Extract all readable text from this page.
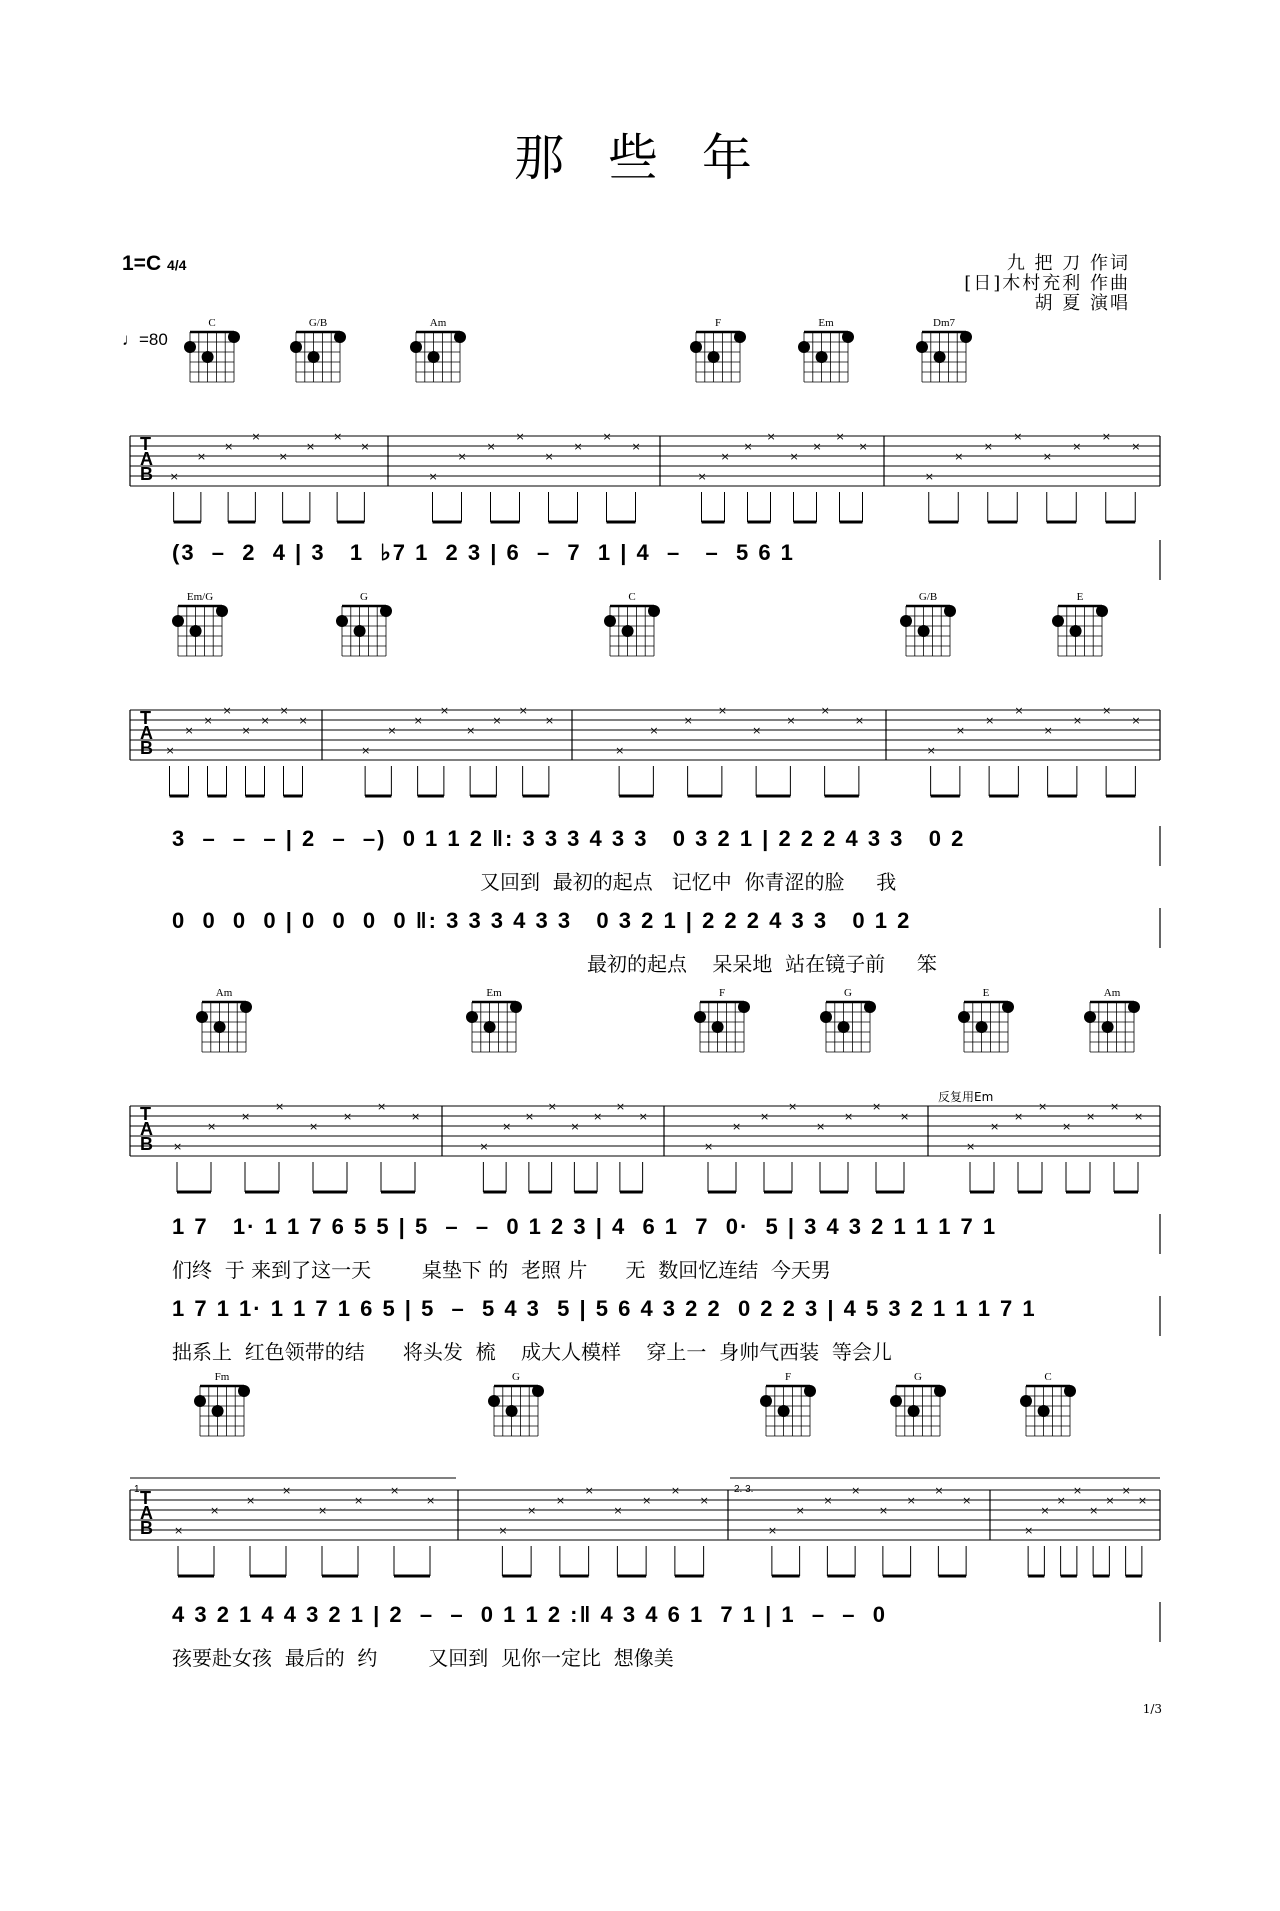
那 些 年
1=C 4/4	九 把 刀 作词
[日]木村充利 作曲
胡 夏 演唱
♩=80
T
A
B ×
×
×
×
×
×
×
×
×
×
×
×
×
×
×
×
×
×
×
×
×
×
×
×
×
×
×
×
×
×
×
×
C	G/B	Am	F	Em	Dm7
T
A
B ×
×
×
×
×
×
×
×
×
×
×
×
×
×
×
×
×
×
×
×
×
×
×
×
×
×
×
×
×
×
×
×
Em/G	G	C	G/B	E
T
A
B ×
×
×
×
×
×
×
×
×
×
×
×
×
×
×
×
×
×
×
×
×
×
×
×
×
×
×
×
×
×
×
×
Am	Em	F	G	E	Am
T
A
B ×
×
×
×
×
×
×
×
×
×
×
×
×
×
×
×
×
×
×
×
×
×
×
×
×
×
×
×
×
×
×
×
Fm	G	F	G	C
1.	2. 3.
(3  –  2  4 | 3   1  ♭7 1  2 3 | 6  –  7  1 | 4  –   –  5 6 1
3  –  –  – | 2  –  –)  0 1 1 2 ‖: 3 3 3 4 3 3   0 3 2 1 | 2 2 2 4 3 3   0 2
又回到  最初的起点   记忆中  你青涩的脸     我
0  0  0  0 | 0  0  0  0 ‖: 3 3 3 4 3 3   0 3 2 1 | 2 2 2 4 3 3   0 1 2
最初的起点    呆呆地  站在镜子前     笨
反复用Em
1 7   1· 1 1 7 6 5 5 | 5  –  –  0 1 2 3 | 4  6 1  7  0·  5 | 3 4 3 2 1 1 1 7 1
们终  于 来到了这一天        桌垫下 的  老照 片      无  数回忆连结  今天男
1 7 1 1· 1 1 7 1 6 5 | 5  –  5 4 3  5 | 5 6 4 3 2 2  0 2 2 3 | 4 5 3 2 1 1 1 7 1
拙系上  红色领带的结      将头发  梳    成大人模样    穿上一  身帅气西装  等会儿
4 3 2 1 4 4 3 2 1 | 2  –  –  0 1 1 2 :‖ 4 3 4 6 1  7 1 | 1  –  –  0
孩要赴女孩  最后的  约        又回到  见你一定比  想像美
1/3
